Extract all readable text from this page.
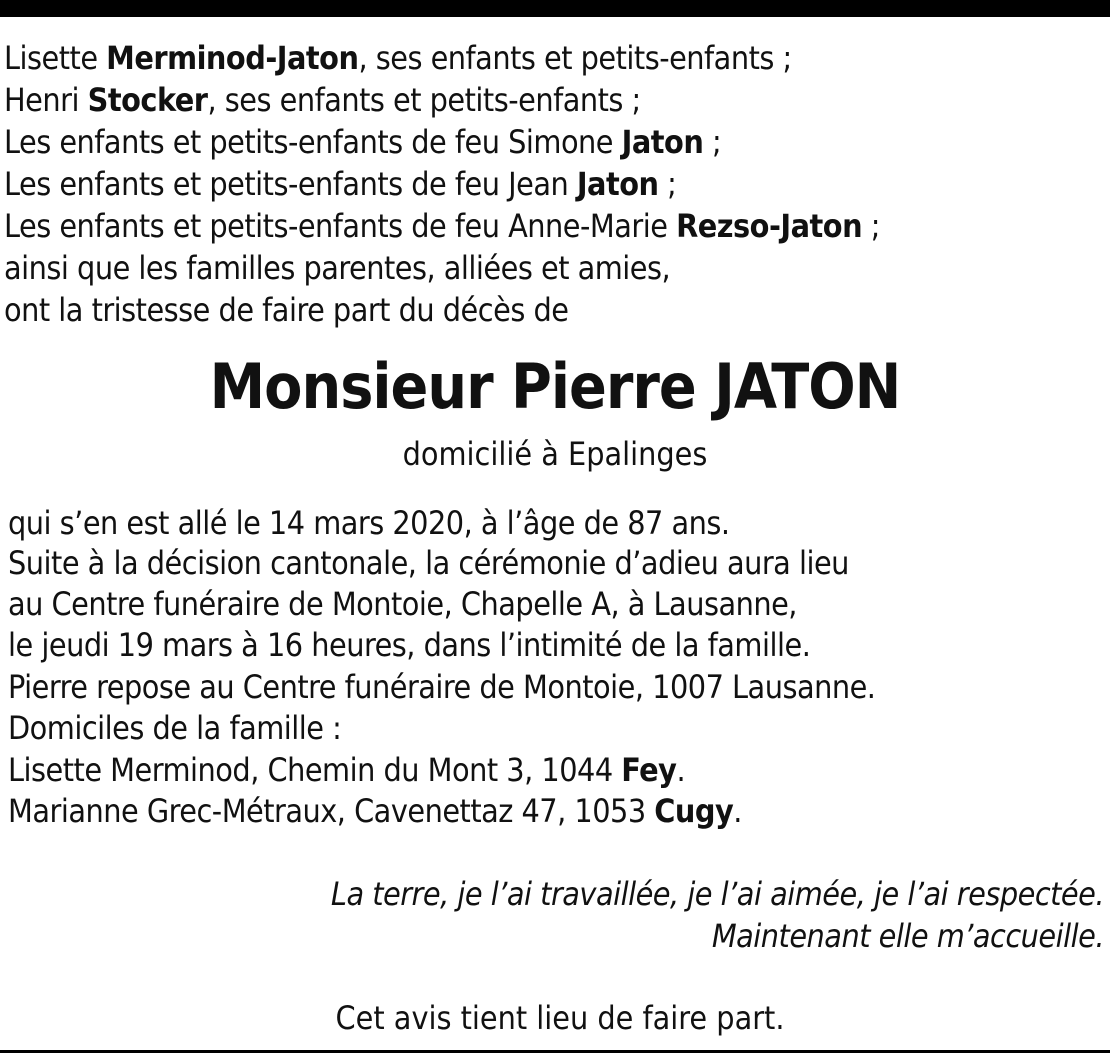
Lisette Merminod-Jaton, ses enfants et petits-enfants ;
Henri Stocker, ses enfants et petits-enfants ;
Les enfants et petits-enfants de feu Simone Jaton ;
Les enfants et petits-enfants de feu Jean Jaton ;
Les enfants et petits-enfants de feu Anne-Marie Rezso-Jaton ;
ainsi que les familles parentes, alliées et amies,
ont la tristesse de faire part du décès de
Monsieur Pierre JATON
domicilié à Epalinges
qui s’en est allé le 14 mars 2020, à l’âge de 87 ans.
Suite à la décision cantonale, la cérémonie d’adieu aura lieu
au Centre funéraire de Montoie, Chapelle A, à Lausanne,
le jeudi 19 mars à 16 heures, dans l’intimité de la famille.
Pierre repose au Centre funéraire de Montoie, 1007 Lausanne.
Domiciles de la famille :
Lisette Merminod, Chemin du Mont 3, 1044 Fey.
Marianne Grec-Métraux, Cavenettaz 47, 1053 Cugy.
La terre, je l’ai travaillée, je l’ai aimée, je l’ai respectée.
Maintenant elle m’accueille.
Cet avis tient lieu de faire part.
